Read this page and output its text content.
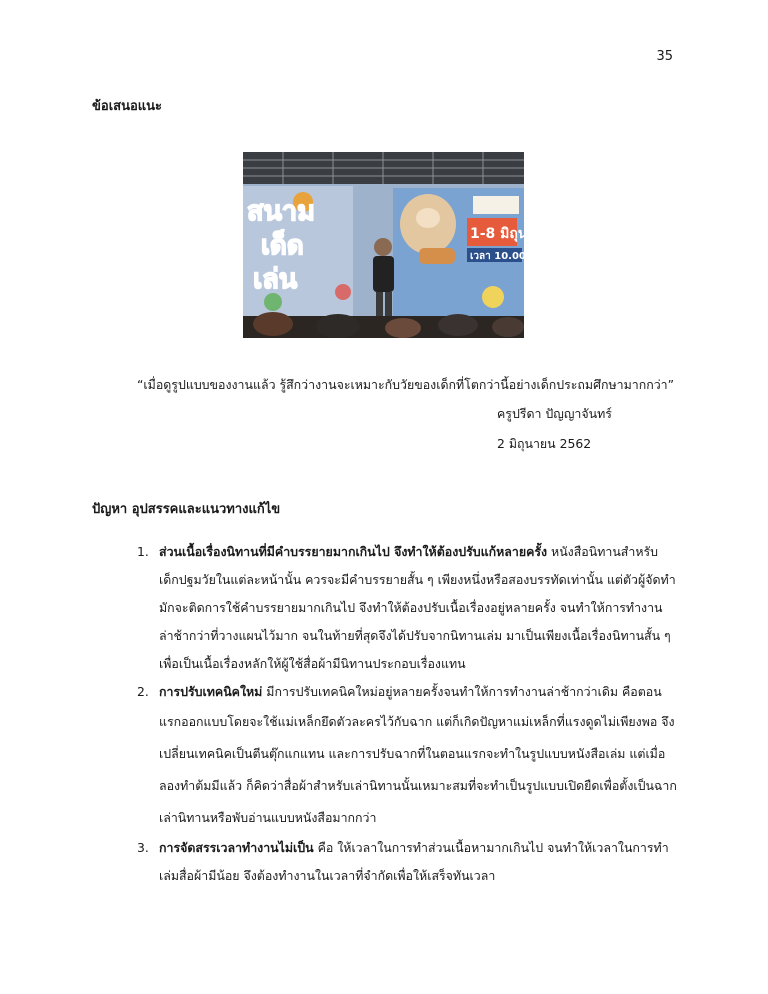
35
ข้อเสนอแนะ
สนาม
เด็ด
เล่น
1-8 มิถุนาย
เวลา 10.00 - 1
“เมื่อดูรูปแบบของงานแล้ว รู้สึกว่างานจะเหมาะกับวัยของเด็กที่โตกว่านี้อย่างเด็กประถมศึกษามากกว่า”
ครูปรีดา ปัญญาจันทร์
2 มิถุนายน 2562
ปัญหา อุปสรรคและแนวทางแก้ไข
1. ส่วนเนื้อเรื่องนิทานที่มีคำบรรยายมากเกินไป จึงทำให้ต้องปรับแก้หลายครั้ง หนังสือนิทานสำหรับ
เด็กปฐมวัยในแต่ละหน้านั้น ควรจะมีคำบรรยายสั้น ๆ เพียงหนึ่งหรือสองบรรทัดเท่านั้น แต่ตัวผู้จัดทำ
มักจะติดการใช้คำบรรยายมากเกินไป จึงทำให้ต้องปรับเนื้อเรื่องอยู่หลายครั้ง จนทำให้การทำงาน
ล่าช้ากว่าที่วางแผนไว้มาก จนในท้ายที่สุดจึงได้ปรับจากนิทานเล่ม มาเป็นเพียงเนื้อเรื่องนิทานสั้น ๆ
เพื่อเป็นเนื้อเรื่องหลักให้ผู้ใช้สื่อผ้ามีนิทานประกอบเรื่องแทน
2. การปรับเทคนิคใหม่ มีการปรับเทคนิคใหม่อยู่หลายครั้งจนทำให้การทำงานล่าช้ากว่าเดิม คือตอน
แรกออกแบบโดยจะใช้แม่เหล็กยึดตัวละครไว้กับฉาก แต่ก็เกิดปัญหาแม่เหล็กที่แรงดูดไม่เพียงพอ จึง
เปลี่ยนเทคนิคเป็นตีนตุ๊กแกแทน และการปรับฉากที่ในตอนแรกจะทำในรูปแบบหนังสือเล่ม แต่เมื่อ
ลองทำต้มมีแล้ว ก็คิดว่าสื่อผ้าสำหรับเล่านิทานนั้นเหมาะสมที่จะทำเป็นรูปแบบเปิดยืดเพื่อตั้งเป็นฉาก
เล่านิทานหรือพับอ่านแบบหนังสือมากกว่า
3. การจัดสรรเวลาทำงานไม่เป็น คือ ให้เวลาในการทำส่วนเนื้อหามากเกินไป จนทำให้เวลาในการทำ
เล่มสื่อผ้ามีน้อย จึงต้องทำงานในเวลาที่จำกัดเพื่อให้เสร็จทันเวลา
